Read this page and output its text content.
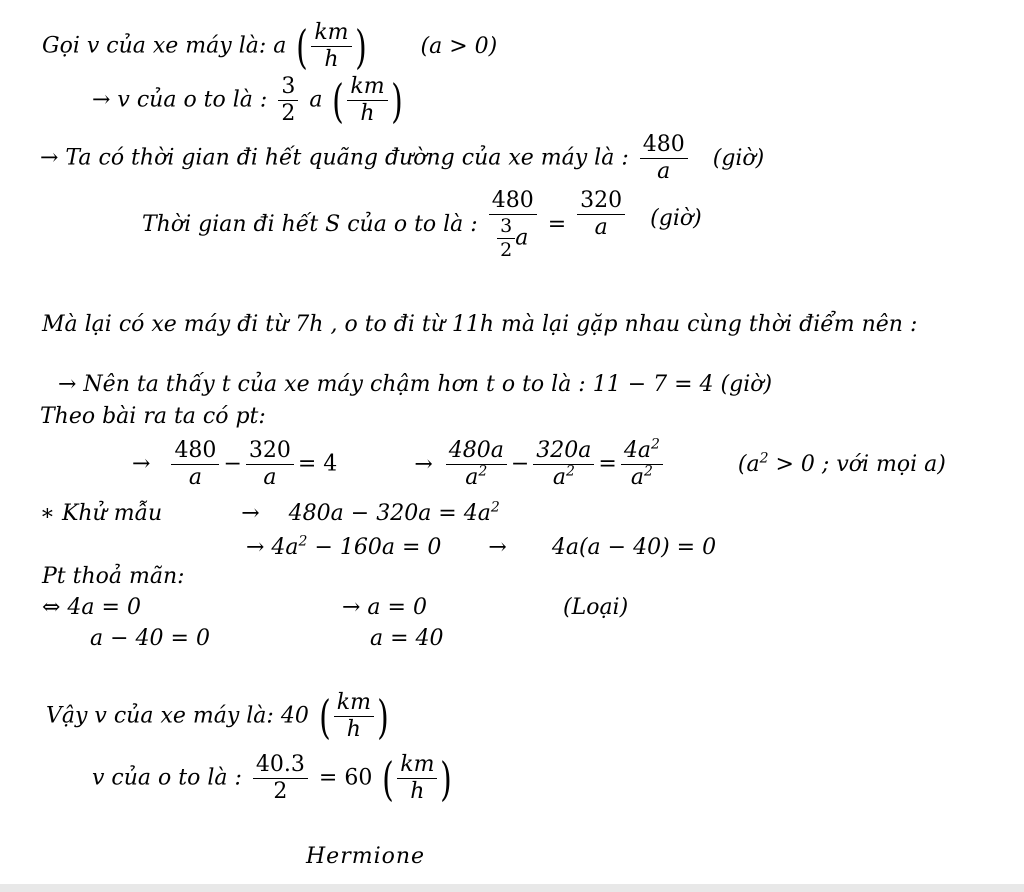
Gọi v của xe máy là: a ( $\frac{km}{h}$ ) (a > 0)
→ v của o to là : $\frac{3}{2}$ a ( $\frac{km}{h}$ )
→ Ta có thời gian đi hết quãng đường của xe máy là : $\frac{480}{a}$ (giờ)
Thời gian đi hết S của o to là : $\frac{480}{\frac{3}{2} a} = \frac{320}{a}$ (giờ)
Mà lại có xe máy đi từ 7h , o to đi từ 11h mà lại gặp nhau cùng thời điểm nên :
→ Nên ta thấy t của xe máy chậm hơn t o to là : 11 − 7 = 4 (giờ)
Theo bài ra ta có pt:
→ $\frac{480}{a} - \frac{320}{a} = 4$	→ $\frac{480a}{a^2} - \frac{320a}{a^2} = \frac{4a^2}{a^2}$	($a^2 > 0$ ; với mọi a)
∗ Khử mẫu	→ $480a - 320a = 4a^2$
→ $4a^2 - 160a = 0 \to 4a(a - 40) = 0$
Pt thoả mãn:
⇔ 4a = 0	→ a = 0	(Loại)
a − 40 = 0	a = 40
Vậy v của xe máy là: 40 ( $\frac{km}{h}$ )
v của o to là : $\frac{40.3}{2} = 60$ ( $\frac{km}{h}$ )
Hermione
